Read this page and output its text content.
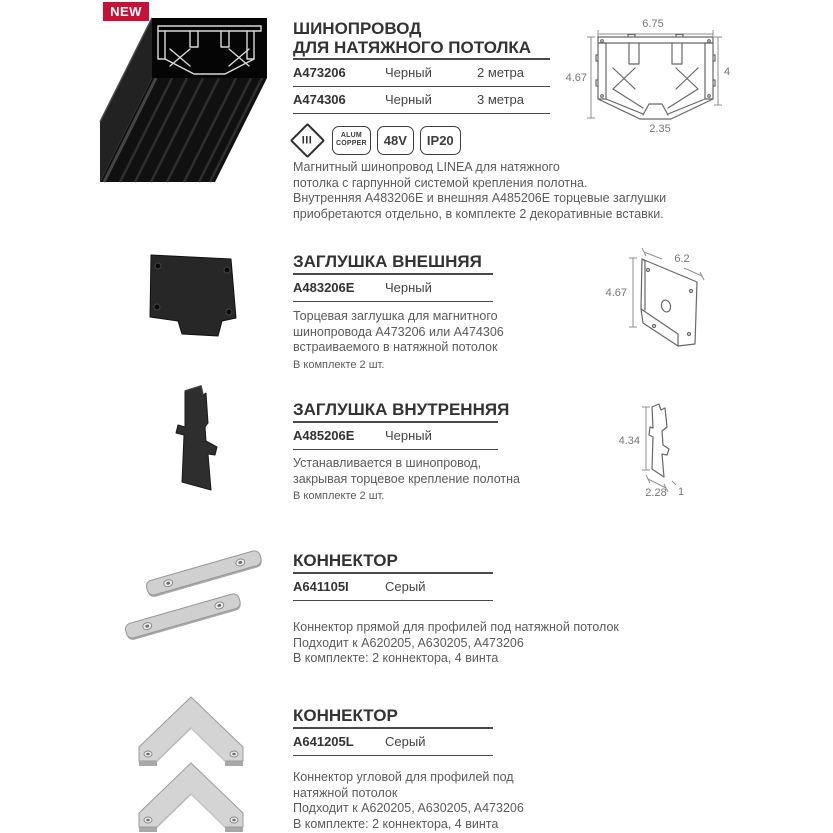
NEW
ШИНОПРОВОД
ДЛЯ НАТЯЖНОГО ПОТОЛКА
A473206	Черный	2 метра
A474306	Черный	3 метра
III	ALUM
COPPER 48V IP20
Магнитный шинопровод LINEA для натяжного
потолка с гарпунной системой крепления полотна.
Внутренняя A483206E и внешняя A485206E торцевые заглушки
приобретаются отдельно, в комплекте 2 декоративные вставки.
6.75
4.67	4
2.35
ЗАГЛУШКА ВНЕШНЯЯ
A483206E	Черный
Торцевая заглушка для магнитного
шинопровода A473206 или A474306
встраиваемого в натяжной потолок
В комплекте 2 шт.
6.2
4.67
ЗАГЛУШКА ВНУТРЕННЯЯ
A485206E	Черный
Устанавливается в шинопровод,
закрывая торцевое крепление полотна
В комплекте 2 шт.
4.34
2.28 1
КОННЕКТОР
A641105I	Серый
Коннектор прямой для профилей под натяжной потолок
Подходит к A620205, A630205, A473206
В комплекте: 2 коннектора, 4 винта
КОННЕКТОР
A641205L	Серый
Коннектор угловой для профилей под
натяжной потолок
Подходит к A620205, A630205, A473206
В комплекте: 2 коннектора, 4 винта
